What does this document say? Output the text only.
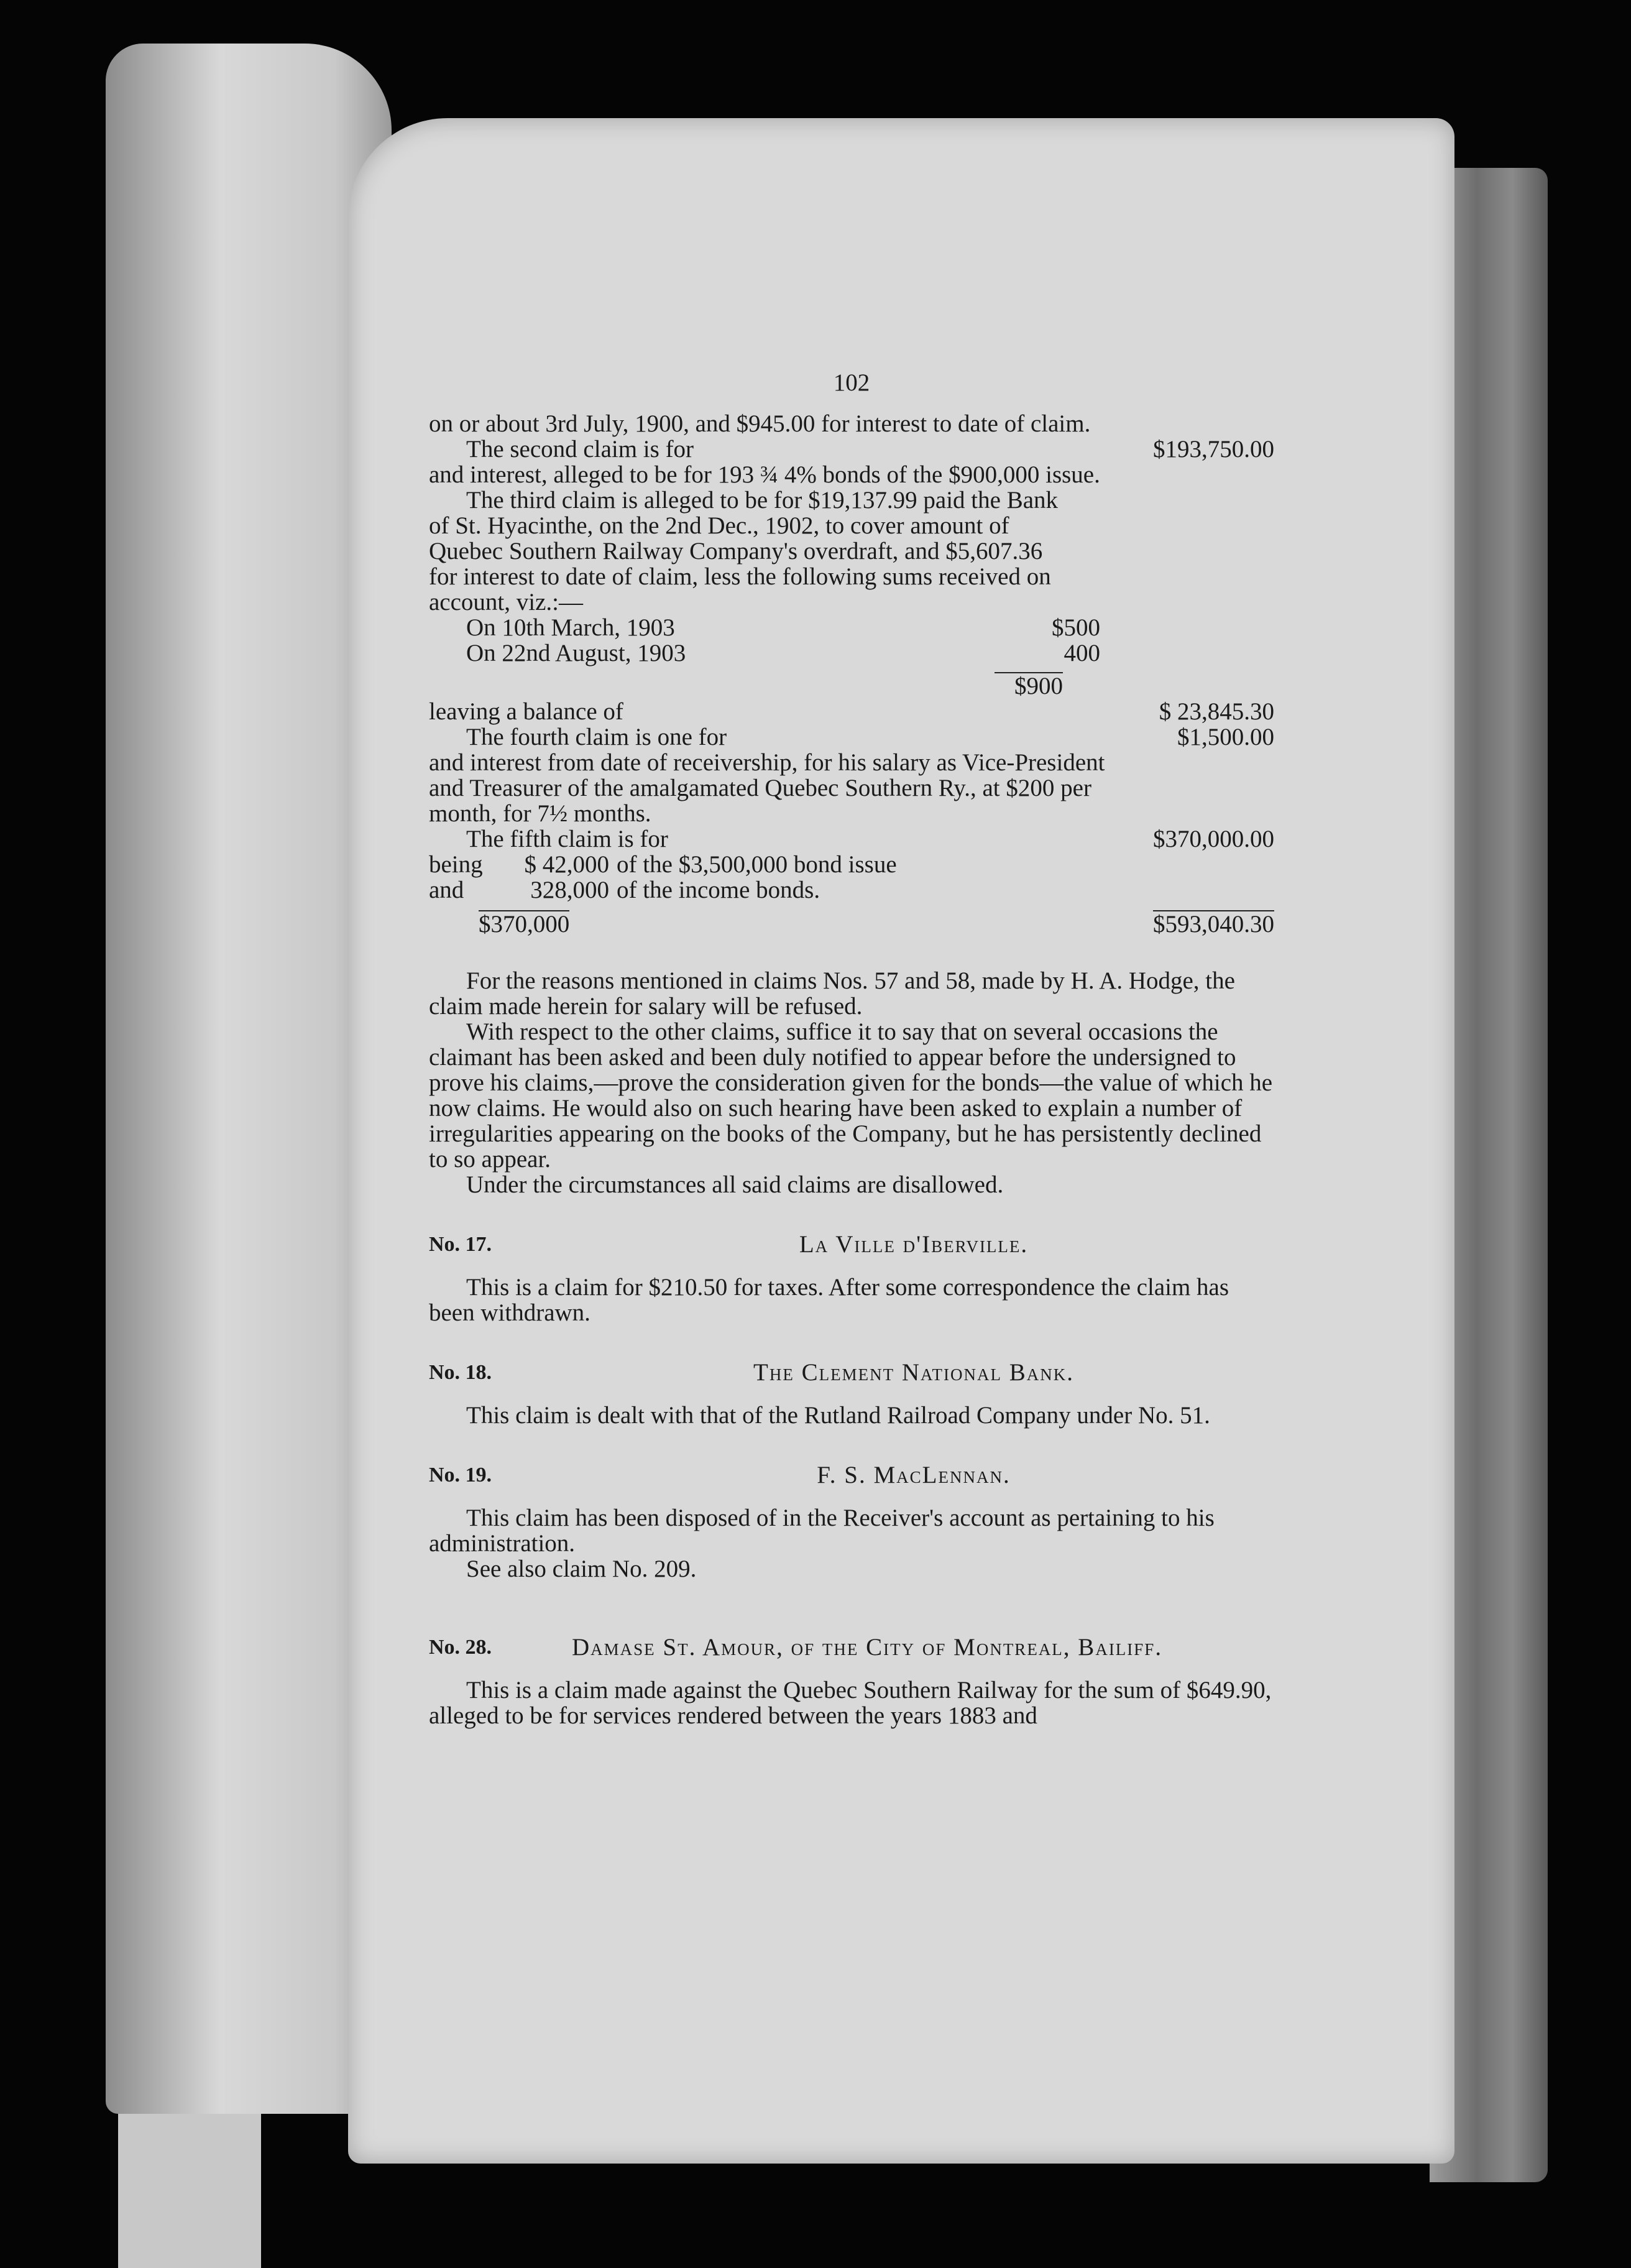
102

on or about 3rd July, 1900, and $945.00 for interest to date of claim.

The second claim is for	$193,750.00

and interest, alleged to be for 193 ¾ 4% bonds of the $900,000 issue.

The third claim is alleged to be for $19,137.99 paid the Bank of St. Hyacinthe, on the 2nd Dec., 1902, to cover amount of Quebec Southern Railway Company's overdraft, and $5,607.36 for interest to date of claim, less the following sums received on account, viz.:—

On 10th March, 1903	$500
On 22nd August, 1903	400
$900
leaving a balance of	$ 23,845.30
The fourth claim is one for	$1,500.00

and interest from date of receivership, for his salary as Vice-President and Treasurer of the amalgamated Quebec Southern Ry., at $200 per month, for 7½ months.

The fifth claim is for	$370,000.00
being	$ 42,000 of the $3,500,000 bond issue
and	328,000 of the income bonds.
$370,000	$593,040.30

For the reasons mentioned in claims Nos. 57 and 58, made by H. A. Hodge, the claim made herein for salary will be refused.

With respect to the other claims, suffice it to say that on several occasions the claimant has been asked and been duly notified to appear before the undersigned to prove his claims,—prove the consideration given for the bonds—the value of which he now claims. He would also on such hearing have been asked to explain a number of irregularities appearing on the books of the Company, but he has persistently declined to so appear.

Under the circumstances all said claims are disallowed.

No. 17.	La Ville d'Iberville.

This is a claim for $210.50 for taxes. After some correspondence the claim has been withdrawn.

No. 18.	The Clement National Bank.

This claim is dealt with that of the Rutland Railroad Company under No. 51.

No. 19.	F. S. MacLennan.

This claim has been disposed of in the Receiver's account as pertaining to his administration.

See also claim No. 209.

No. 28.	Damase St. Amour, of the City of Montreal, Bailiff.

This is a claim made against the Quebec Southern Railway for the sum of $649.90, alleged to be for services rendered between the years 1883 and
